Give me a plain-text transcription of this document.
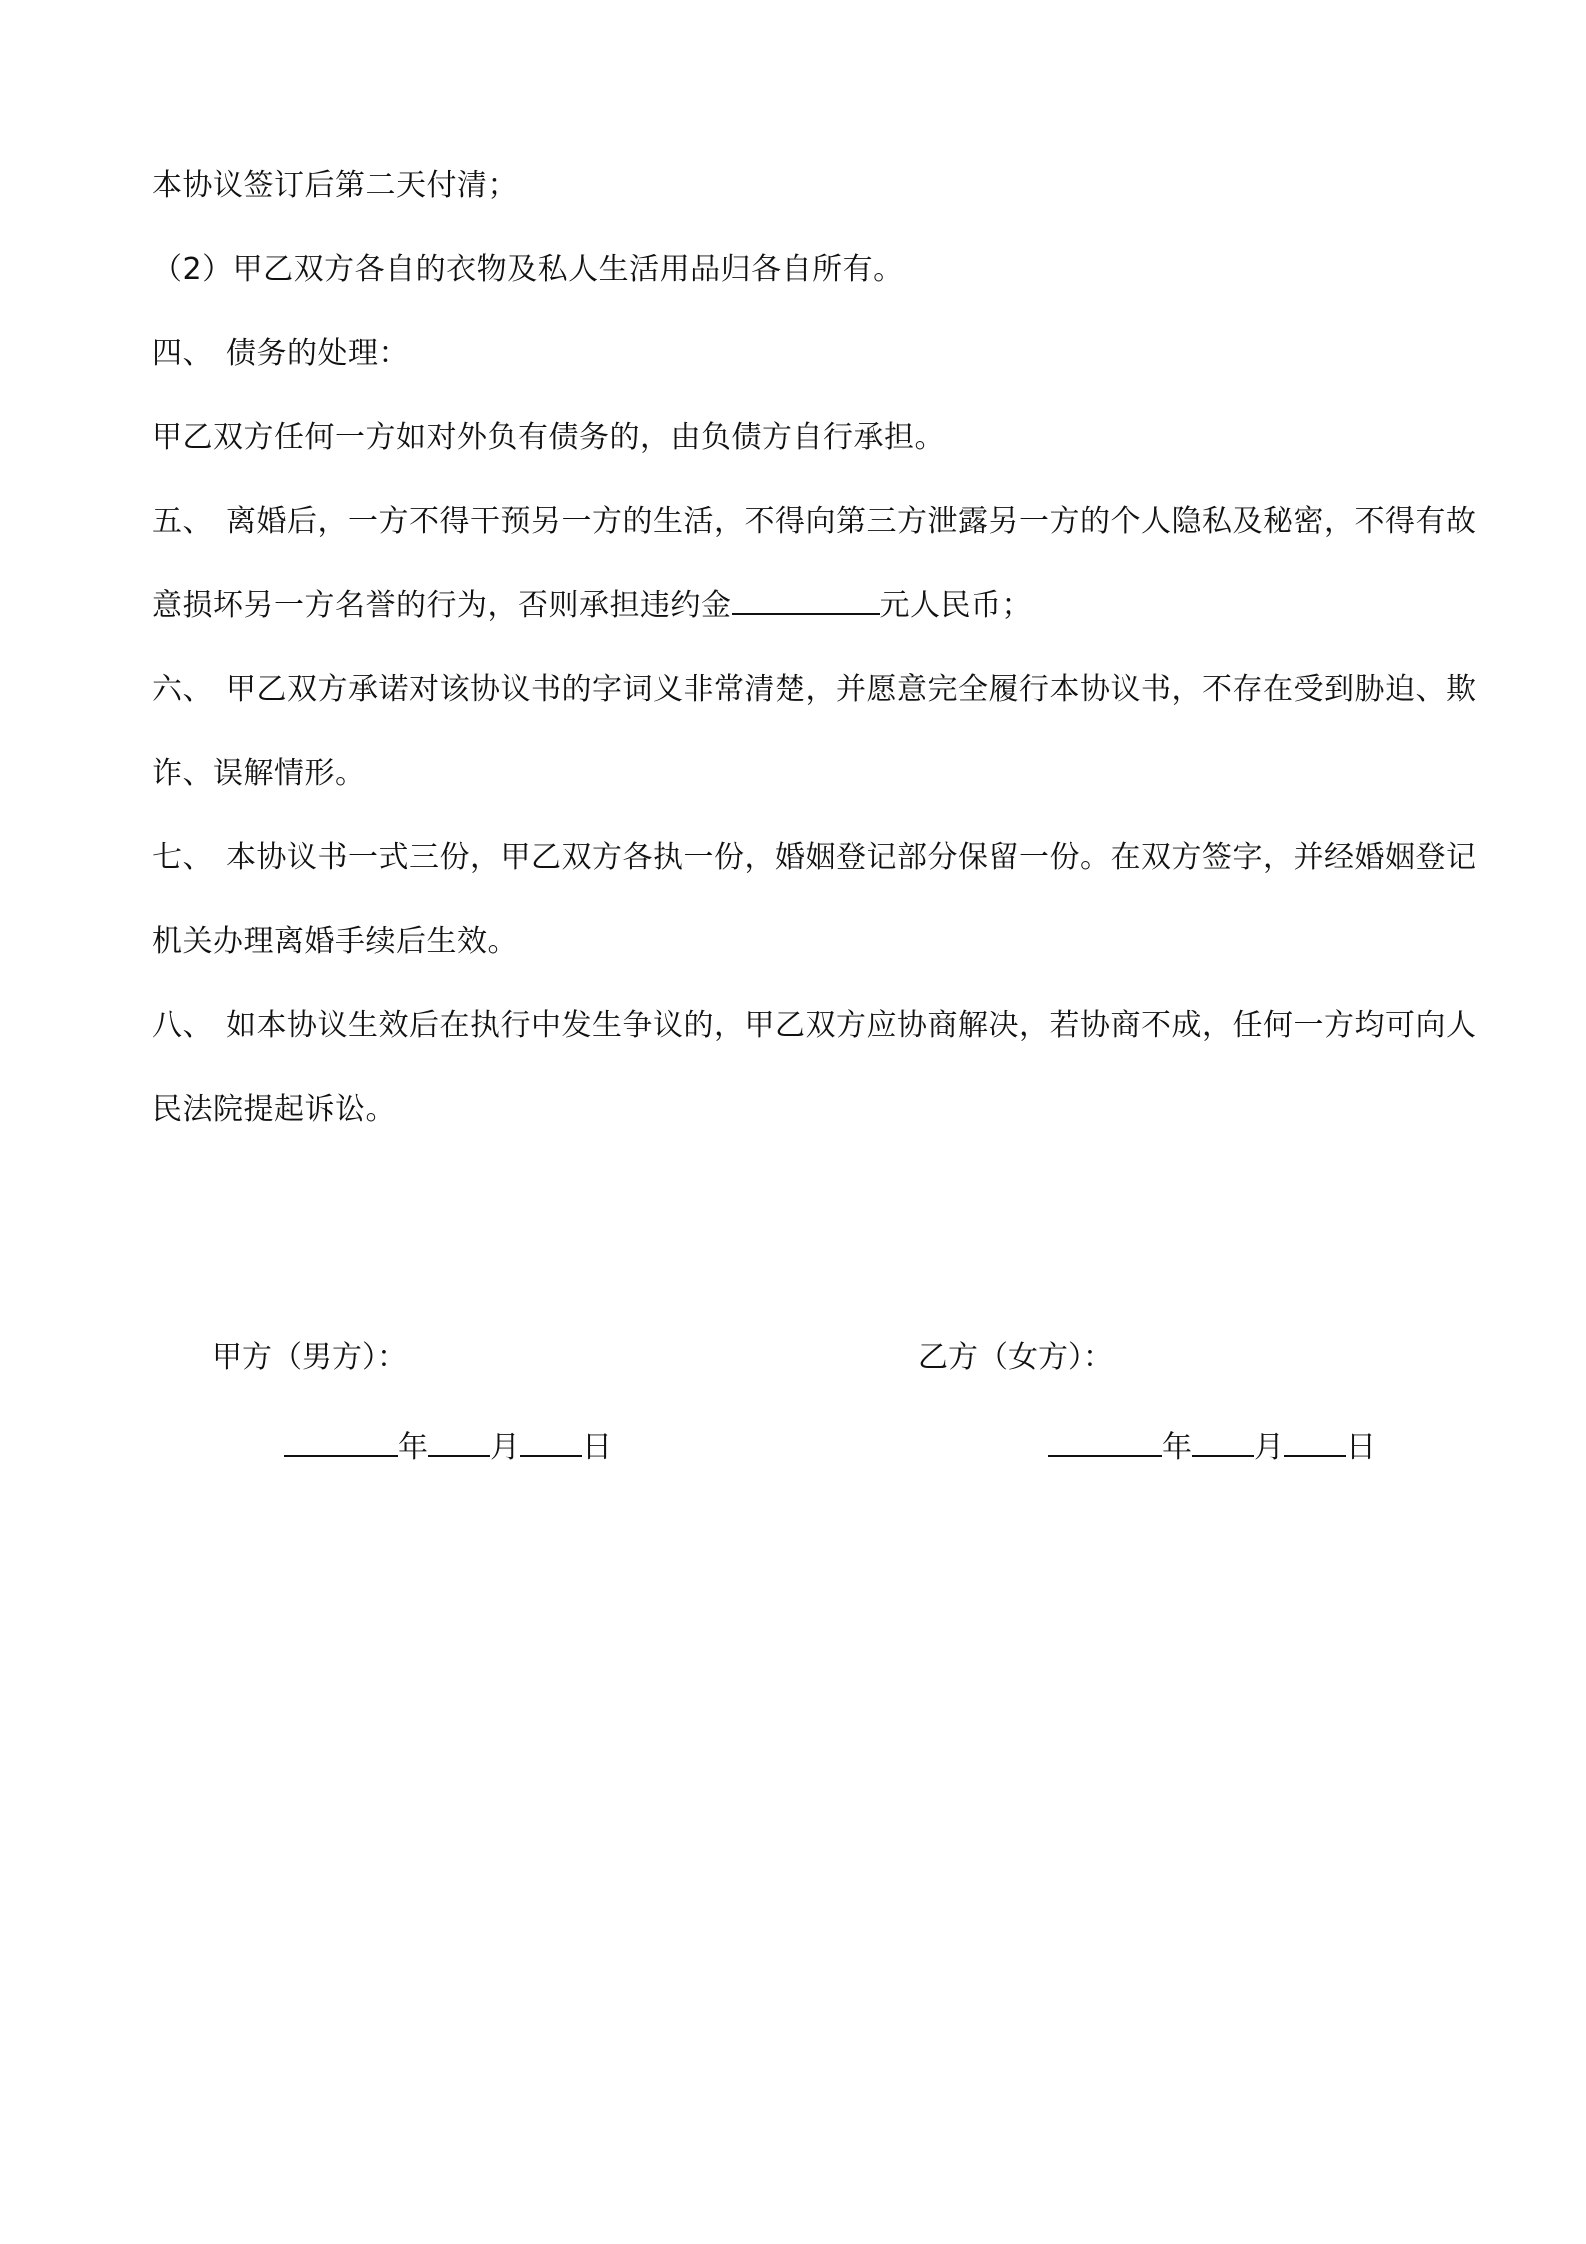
本协议签订后第二天付清；
（2）甲乙双方各自的衣物及私人生活用品归各自所有。
四、 债务的处理：
甲乙双方任何一方如对外负有债务的，由负债方自行承担。
五、 离婚后，一方不得干预另一方的生活，不得向第三方泄露另一方的个人隐私及秘密，不得有故
意损坏另一方名誉的行为，否则承担违约金	元人民币；
六、 甲乙双方承诺对该协议书的字词义非常清楚，并愿意完全履行本协议书，不存在受到胁迫、欺
诈、误解情形。
七、 本协议书一式三份，甲乙双方各执一份，婚姻登记部分保留一份。在双方签字，并经婚姻登记
机关办理离婚手续后生效。
八、 如本协议生效后在执行中发生争议的，甲乙双方应协商解决，若协商不成，任何一方均可向人
民法院提起诉讼。
甲方（男方）：	乙方（女方）：
年 月 日	年 月 日
